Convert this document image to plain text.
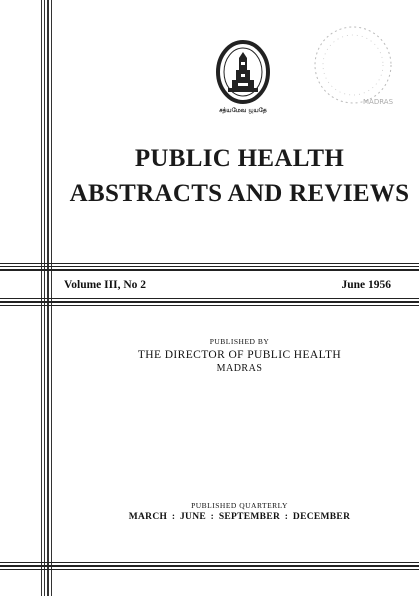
சத்யமேவ ஜயதே
MADRAS
PUBLIC HEALTH
ABSTRACTS AND REVIEWS
Volume III, No 2	June 1956
PUBLISHED BY
THE DIRECTOR OF PUBLIC HEALTH
MADRAS
PUBLISHED QUARTERLY
MARCH : JUNE : SEPTEMBER : DECEMBER
